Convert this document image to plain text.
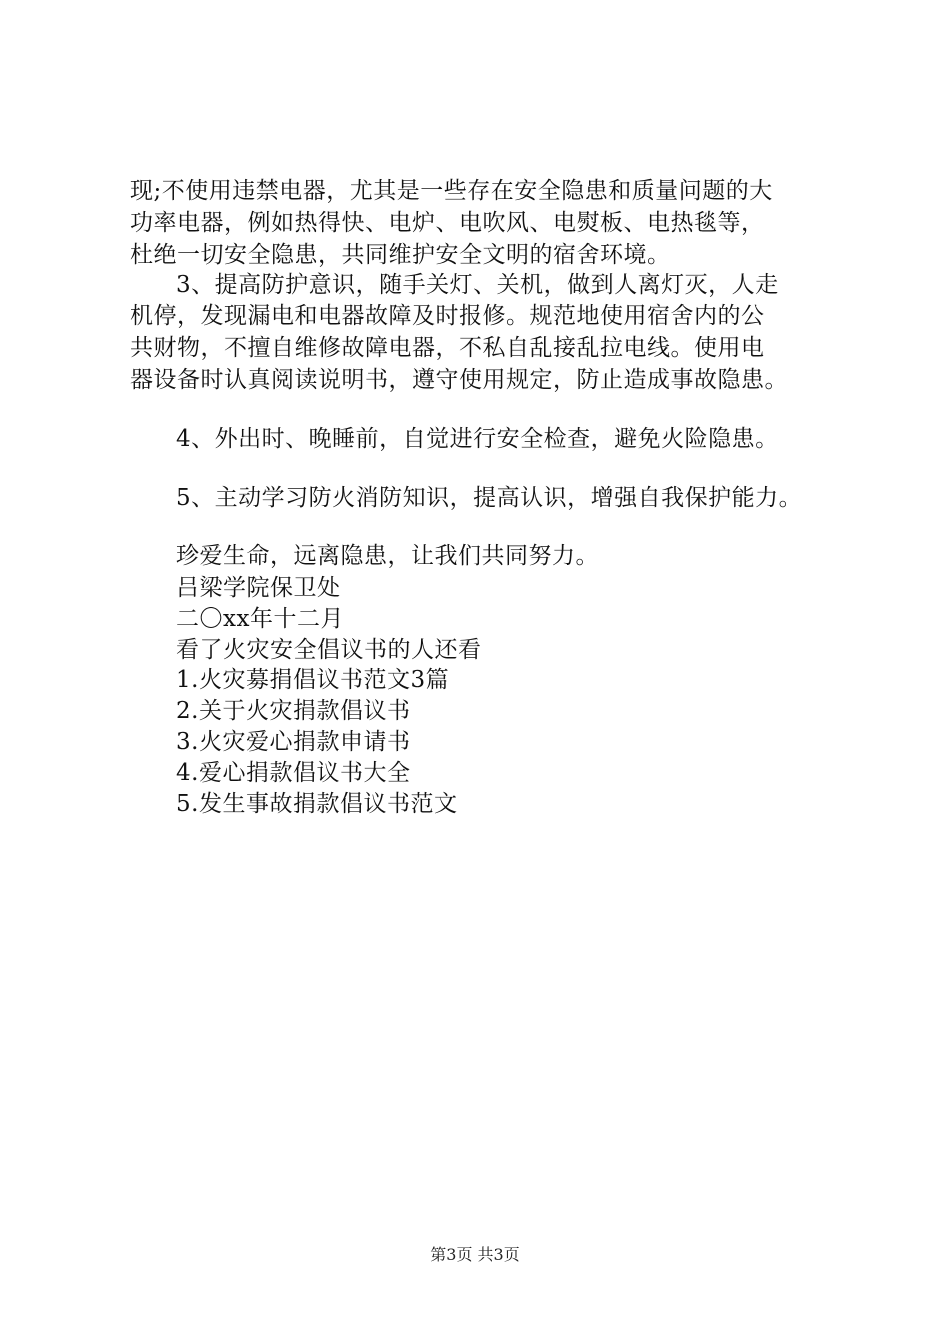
现;不使用违禁电器，尤其是一些存在安全隐患和质量问题的大
功率电器，例如热得快、电炉、电吹风、电熨板、电热毯等，
杜绝一切安全隐患，共同维护安全文明的宿舍环境。
3、提高防护意识，随手关灯、关机，做到人离灯灭，人走
机停，发现漏电和电器故障及时报修。规范地使用宿舍内的公
共财物，不擅自维修故障电器，不私自乱接乱拉电线。使用电
器设备时认真阅读说明书，遵守使用规定，防止造成事故隐患。
4、外出时、晚睡前，自觉进行安全检查，避免火险隐患。
5、主动学习防火消防知识，提高认识，增强自我保护能力。
珍爱生命，远离隐患，让我们共同努力。
吕梁学院保卫处
二〇xx年十二月
看了火灾安全倡议书的人还看
1.火灾募捐倡议书范文3篇
2.关于火灾捐款倡议书
3.火灾爱心捐款申请书
4.爱心捐款倡议书大全
5.发生事故捐款倡议书范文
第3页 共3页
